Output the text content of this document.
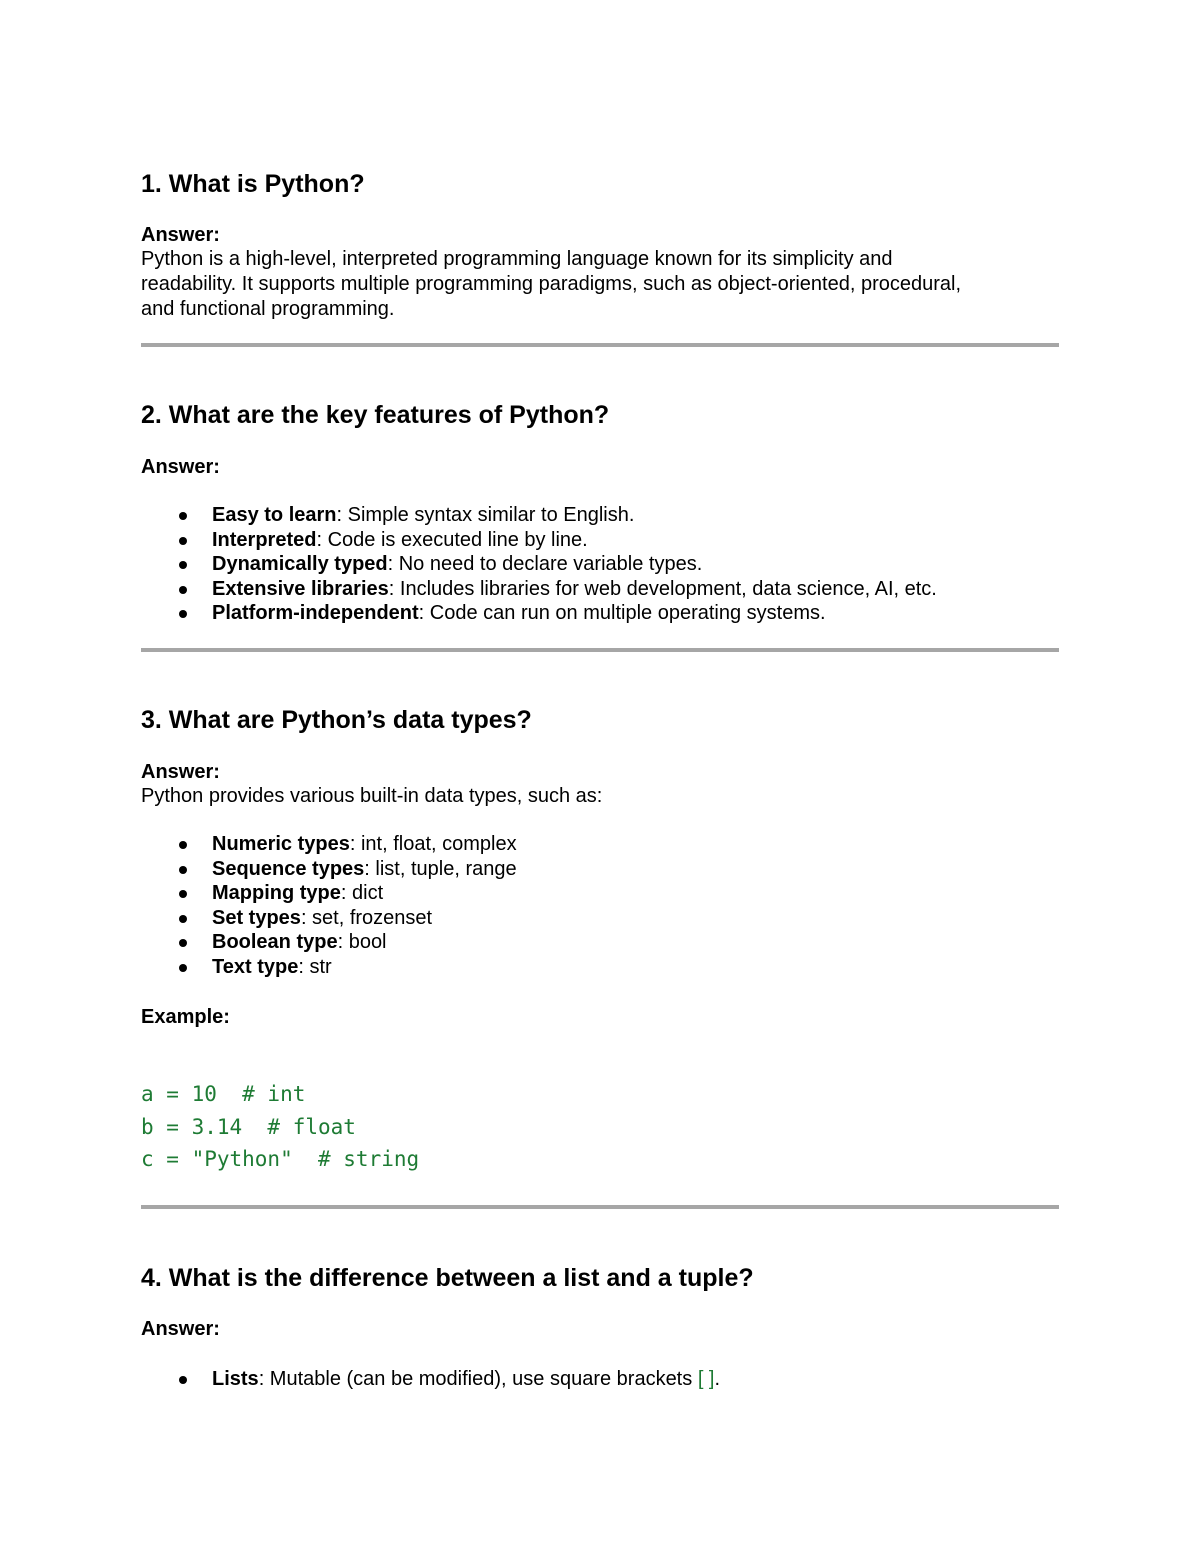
1. What is Python?
Answer:

Python is a high-level, interpreted programming language known for its simplicity and

readability. It supports multiple programming paradigms, such as object-oriented, procedural,

and functional programming.

2. What are the key features of Python?
Answer:
Easy to learn: Simple syntax similar to English.
Interpreted: Code is executed line by line.
Dynamically typed: No need to declare variable types.
Extensive libraries: Includes libraries for web development, data science, AI, etc.
Platform-independent: Code can run on multiple operating systems.
3. What are Python’s data types?
Answer:

Python provides various built-in data types, such as:

Numeric types: int, float, complex
Sequence types: list, tuple, range
Mapping type: dict
Set types: set, frozenset
Boolean type: bool
Text type: str
Example:

a = 10  # int

b = 3.14  # float

c = "Python"  # string

4. What is the difference between a list and a tuple?
Answer:
Lists: Mutable (can be modified), use square brackets [ ].
